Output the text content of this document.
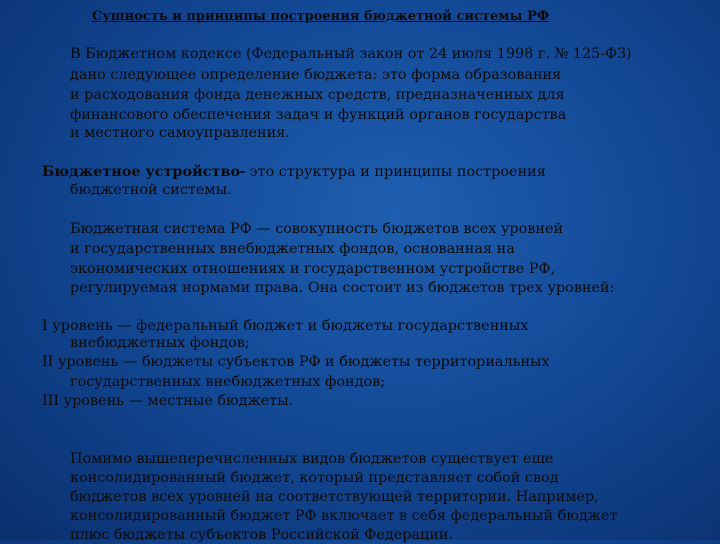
Сущность и принципы построения бюджетной системы РФ
В Бюджетном кодексе (Федеральный закон от 24 июля 1998 г. № 125-ФЗ)
дано следующее определение бюджета: это форма образования
и расходования фонда денежных средств, предназначенных для
финансового обеспечения задач и функций органов государства
и местного самоуправления.
Бюджетное устройство- это структура и принципы построения
бюджетной системы.
Бюджетная система РФ — совокупность бюджетов всех уровней
и государственных внебюджетных фондов, основанная на
экономических отношениях и государственном устройстве РФ,
регулируемая нормами права. Она состоит из бюджетов трех уровней:
I уровень — федеральный бюджет и бюджеты государственных
внебюджетных фондов;
II уровень — бюджеты субъектов РФ и бюджеты территориальных
государственных внебюджетных фондов;
III уровень — местные бюджеты.
Помимо вышеперечисленных видов бюджетов существует еще
консолидированный бюджет, который представляет собой свод
бюджетов всех уровней на соответствующей территории. Например,
консолидированный бюджет РФ включает в себя федеральный бюджет
плюс бюджеты субъектов Российской Федерации.
